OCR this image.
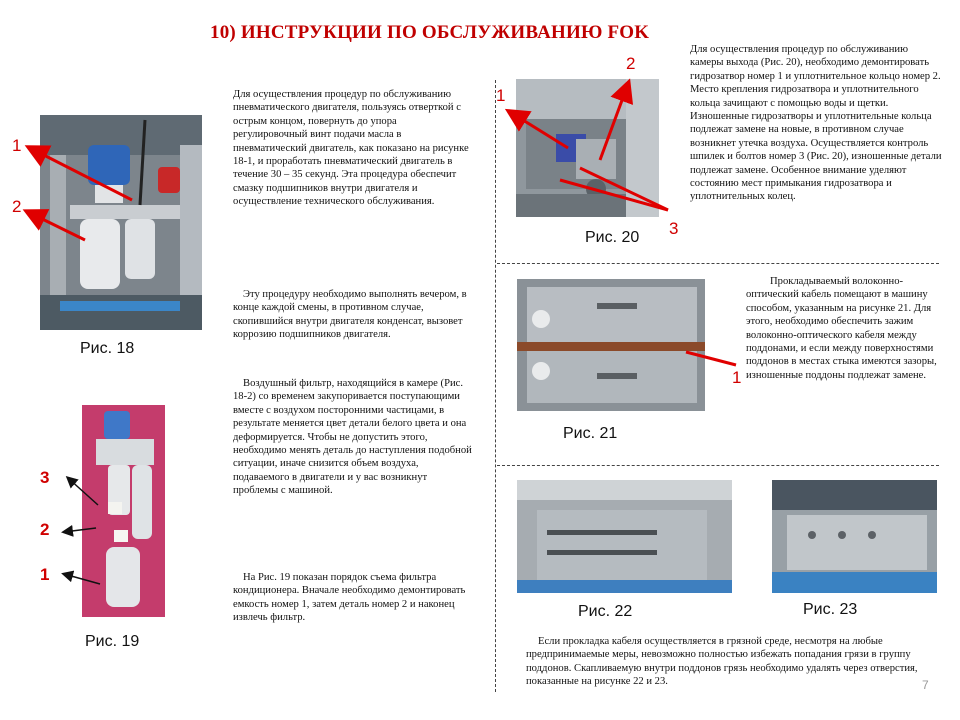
10) ИНСТРУКЦИИ ПО ОБСЛУЖИВАНИЮ FOK
Рис. 18
1
2
Рис. 19
3
2
1
Для осуществления процедур по обслуживанию пневматического двигателя, пользуясь отверткой с острым концом, повернуть до упора регулировочный винт подачи масла в пневматический двигатель, как показано на рисунке 18-1, и проработать пневматический двигатель в течение 30 – 35 секунд. Эта процедура обеспечит смазку подшипников внутри двигателя и осуществление технического обслуживания.
Эту процедуру необходимо выполнять вечером, в конце каждой смены, в противном случае, скопившийся внутри двигателя конденсат, вызовет коррозию подшипников двигателя.
Воздушный фильтр, находящийся в камере (Рис. 18-2) со временем закупоривается поступающими вместе с воздухом посторонними частицами, в результате меняется цвет детали белого цвета и она деформируется. Чтобы не допустить этого, необходимо менять деталь до наступления подобной ситуации, иначе снизится объем воздуха, подаваемого в двигатели и у вас возникнут проблемы с машиной.
На Рис. 19 показан порядок съема фильтра кондиционера. Вначале необходимо демонтировать емкость номер 1, затем деталь номер 2 и наконец извлечь фильтр.
Рис. 20
1
2
3
Для осуществления процедур по обслуживанию камеры выхода (Рис. 20), необходимо демонтировать гидрозатвор номер 1 и уплотнительное кольцо номер 2. Место крепления гидрозатвора и уплотнительного кольца зачищают с помощью воды и щетки. Изношенные гидрозатворы и уплотнительные кольца подлежат замене на новые, в противном случае возникнет утечка воздуха. Осуществляется контроль шпилек и болтов номер 3 (Рис. 20), изношенные детали подлежат замене. Особенное внимание уделяют состоянию мест примыкания гидрозатвора и уплотнительных колец.
Рис. 21
1
Прокладываемый волоконно-оптический кабель помещают в машину способом, указанным на рисунке 21. Для этого, необходимо обеспечить зажим волоконно-оптического кабеля между поддонами, и если между поверхностями поддонов в местах стыка имеются зазоры, изношенные поддоны подлежат замене.
Рис. 22	Рис. 23
Если прокладка кабеля осуществляется в грязной среде, несмотря на любые предпринимаемые меры, невозможно полностью избежать попадания грязи в группу поддонов. Скапливаемую внутри поддонов грязь необходимо удалять через отверстия, показанные на рисунке 22 и 23.	7
